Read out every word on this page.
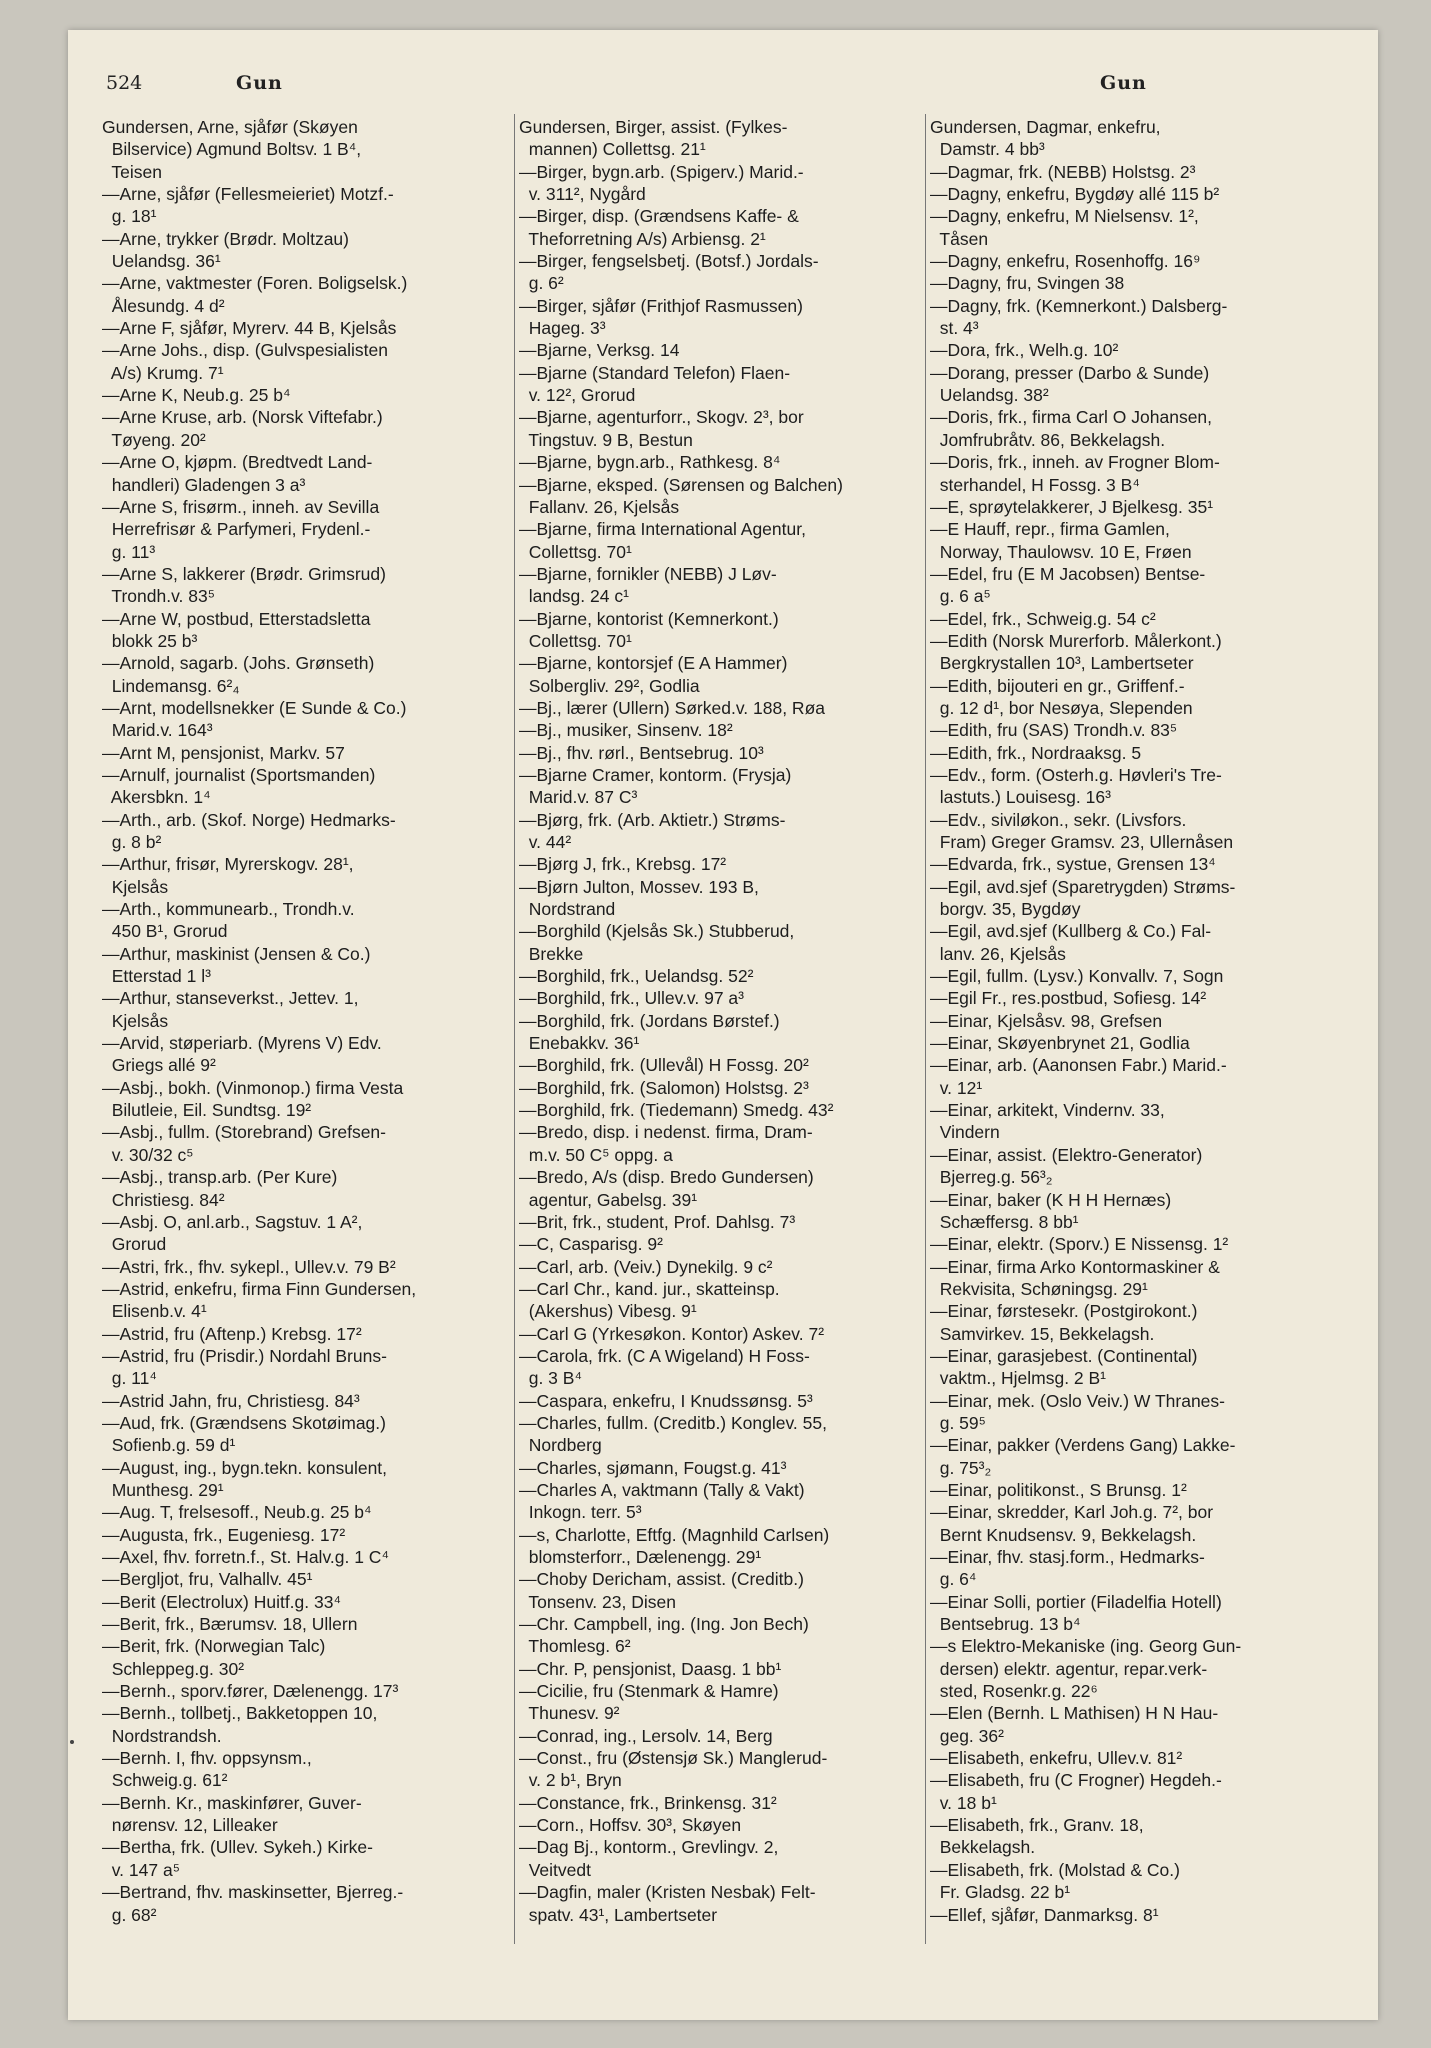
524	Gun	Gun
Gundersen, Arne, sjåfør (Skøyen
Bilservice) Agmund Boltsv. 1 B⁴,
Teisen
—Arne, sjåfør (Fellesmeieriet) Motzf.-
g. 18¹
—Arne, trykker (Brødr. Moltzau)
Uelandsg. 36¹
—Arne, vaktmester (Foren. Boligselsk.)
Ålesundg. 4 d²
—Arne F, sjåfør, Myrerv. 44 B, Kjelsås
—Arne Johs., disp. (Gulvspesialisten
A/s) Krumg. 7¹
—Arne K, Neub.g. 25 b⁴
—Arne Kruse, arb. (Norsk Viftefabr.)
Tøyeng. 20²
—Arne O, kjøpm. (Bredtvedt Land-
handleri) Gladengen 3 a³
—Arne S, frisørm., inneh. av Sevilla
Herrefrisør & Parfymeri, Frydenl.-
g. 11³
—Arne S, lakkerer (Brødr. Grimsrud)
Trondh.v. 83⁵
—Arne W, postbud, Etterstadsletta
blokk 25 b³
—Arnold, sagarb. (Johs. Grønseth)
Lindemansg. 6²₄
—Arnt, modellsnekker (E Sunde & Co.)
Marid.v. 164³
—Arnt M, pensjonist, Markv. 57
—Arnulf, journalist (Sportsmanden)
Akersbkn. 1⁴
—Arth., arb. (Skof. Norge) Hedmarks-
g. 8 b²
—Arthur, frisør, Myrerskogv. 28¹,
Kjelsås
—Arth., kommunearb., Trondh.v.
450 B¹, Grorud
—Arthur, maskinist (Jensen & Co.)
Etterstad 1 l³
—Arthur, stanseverkst., Jettev. 1,
Kjelsås
—Arvid, støperiarb. (Myrens V) Edv.
Griegs allé 9²
—Asbj., bokh. (Vinmonop.) firma Vesta
Bilutleie, Eil. Sundtsg. 19²
—Asbj., fullm. (Storebrand) Grefsen-
v. 30/32 c⁵
—Asbj., transp.arb. (Per Kure)
Christiesg. 84²
—Asbj. O, anl.arb., Sagstuv. 1 A²,
Grorud
—Astri, frk., fhv. sykepl., Ullev.v. 79 B²
—Astrid, enkefru, firma Finn Gundersen,
Elisenb.v. 4¹
—Astrid, fru (Aftenp.) Krebsg. 17²
—Astrid, fru (Prisdir.) Nordahl Bruns-
g. 11⁴
—Astrid Jahn, fru, Christiesg. 84³
—Aud, frk. (Grændsens Skotøimag.)
Sofienb.g. 59 d¹
—August, ing., bygn.tekn. konsulent,
Munthesg. 29¹
—Aug. T, frelsesoff., Neub.g. 25 b⁴
—Augusta, frk., Eugeniesg. 17²
—Axel, fhv. forretn.f., St. Halv.g. 1 C⁴
—Bergljot, fru, Valhallv. 45¹
—Berit (Electrolux) Huitf.g. 33⁴
—Berit, frk., Bærumsv. 18, Ullern
—Berit, frk. (Norwegian Talc)
Schleppeg.g. 30²
—Bernh., sporv.fører, Dælenengg. 17³
—Bernh., tollbetj., Bakketoppen 10,
Nordstrandsh.
—Bernh. I, fhv. oppsynsm.,
Schweig.g. 61²
—Bernh. Kr., maskinfører, Guver-
nørensv. 12, Lilleaker
—Bertha, frk. (Ullev. Sykeh.) Kirke-
v. 147 a⁵
—Bertrand, fhv. maskinsetter, Bjerreg.-
g. 68²
Gundersen, Birger, assist. (Fylkes-
mannen) Collettsg. 21¹
—Birger, bygn.arb. (Spigerv.) Marid.-
v. 311², Nygård
—Birger, disp. (Grændsens Kaffe- &
Theforretning A/s) Arbiensg. 2¹
—Birger, fengselsbetj. (Botsf.) Jordals-
g. 6²
—Birger, sjåfør (Frithjof Rasmussen)
Hageg. 3³
—Bjarne, Verksg. 14
—Bjarne (Standard Telefon) Flaen-
v. 12², Grorud
—Bjarne, agenturforr., Skogv. 2³, bor
Tingstuv. 9 B, Bestun
—Bjarne, bygn.arb., Rathkesg. 8⁴
—Bjarne, eksped. (Sørensen og Balchen)
Fallanv. 26, Kjelsås
—Bjarne, firma International Agentur,
Collettsg. 70¹
—Bjarne, fornikler (NEBB) J Løv-
landsg. 24 c¹
—Bjarne, kontorist (Kemnerkont.)
Collettsg. 70¹
—Bjarne, kontorsjef (E A Hammer)
Solbergliv. 29², Godlia
—Bj., lærer (Ullern) Sørked.v. 188, Røa
—Bj., musiker, Sinsenv. 18²
—Bj., fhv. rørl., Bentsebrug. 10³
—Bjarne Cramer, kontorm. (Frysja)
Marid.v. 87 C³
—Bjørg, frk. (Arb. Aktietr.) Strøms-
v. 44²
—Bjørg J, frk., Krebsg. 17²
—Bjørn Julton, Mossev. 193 B,
Nordstrand
—Borghild (Kjelsås Sk.) Stubberud,
Brekke
—Borghild, frk., Uelandsg. 52²
—Borghild, frk., Ullev.v. 97 a³
—Borghild, frk. (Jordans Børstef.)
Enebakkv. 36¹
—Borghild, frk. (Ullevål) H Fossg. 20²
—Borghild, frk. (Salomon) Holstsg. 2³
—Borghild, frk. (Tiedemann) Smedg. 43²
—Bredo, disp. i nedenst. firma, Dram-
m.v. 50 C⁵ oppg. a
—Bredo, A/s (disp. Bredo Gundersen)
agentur, Gabelsg. 39¹
—Brit, frk., student, Prof. Dahlsg. 7³
—C, Casparisg. 9²
—Carl, arb. (Veiv.) Dynekilg. 9 c²
—Carl Chr., kand. jur., skatteinsp.
(Akershus) Vibesg. 9¹
—Carl G (Yrkesøkon. Kontor) Askev. 7²
—Carola, frk. (C A Wigeland) H Foss-
g. 3 B⁴
—Caspara, enkefru, I Knudssønsg. 5³
—Charles, fullm. (Creditb.) Konglev. 55,
Nordberg
—Charles, sjømann, Fougst.g. 41³
—Charles A, vaktmann (Tally & Vakt)
Inkogn. terr. 5³
—s, Charlotte, Eftfg. (Magnhild Carlsen)
blomsterforr., Dælenengg. 29¹
—Choby Dericham, assist. (Creditb.)
Tonsenv. 23, Disen
—Chr. Campbell, ing. (Ing. Jon Bech)
Thomlesg. 6²
—Chr. P, pensjonist, Daasg. 1 bb¹
—Cicilie, fru (Stenmark & Hamre)
Thunesv. 9²
—Conrad, ing., Lersolv. 14, Berg
—Const., fru (Østensjø Sk.) Manglerud-
v. 2 b¹, Bryn
—Constance, frk., Brinkensg. 31²
—Corn., Hoffsv. 30³, Skøyen
—Dag Bj., kontorm., Grevlingv. 2,
Veitvedt
—Dagfin, maler (Kristen Nesbak) Felt-
spatv. 43¹, Lambertseter
Gundersen, Dagmar, enkefru,
Damstr. 4 bb³
—Dagmar, frk. (NEBB) Holstsg. 2³
—Dagny, enkefru, Bygdøy allé 115 b²
—Dagny, enkefru, M Nielsensv. 1²,
Tåsen
—Dagny, enkefru, Rosenhoffg. 16⁹
—Dagny, fru, Svingen 38
—Dagny, frk. (Kemnerkont.) Dalsberg-
st. 4³
—Dora, frk., Welh.g. 10²
—Dorang, presser (Darbo & Sunde)
Uelandsg. 38²
—Doris, frk., firma Carl O Johansen,
Jomfrubråtv. 86, Bekkelagsh.
—Doris, frk., inneh. av Frogner Blom-
sterhandel, H Fossg. 3 B⁴
—E, sprøytelakkerer, J Bjelkesg. 35¹
—E Hauff, repr., firma Gamlen,
Norway, Thaulowsv. 10 E, Frøen
—Edel, fru (E M Jacobsen) Bentse-
g. 6 a⁵
—Edel, frk., Schweig.g. 54 c²
—Edith (Norsk Murerforb. Målerkont.)
Bergkrystallen 10³, Lambertseter
—Edith, bijouteri en gr., Griffenf.-
g. 12 d¹, bor Nesøya, Slependen
—Edith, fru (SAS) Trondh.v. 83⁵
—Edith, frk., Nordraaksg. 5
—Edv., form. (Osterh.g. Høvleri's Tre-
lastuts.) Louisesg. 16³
—Edv., siviløkon., sekr. (Livsfors.
Fram) Greger Gramsv. 23, Ullernåsen
—Edvarda, frk., systue, Grensen 13⁴
—Egil, avd.sjef (Sparetrygden) Strøms-
borgv. 35, Bygdøy
—Egil, avd.sjef (Kullberg & Co.) Fal-
lanv. 26, Kjelsås
—Egil, fullm. (Lysv.) Konvallv. 7, Sogn
—Egil Fr., res.postbud, Sofiesg. 14²
—Einar, Kjelsåsv. 98, Grefsen
—Einar, Skøyenbrynet 21, Godlia
—Einar, arb. (Aanonsen Fabr.) Marid.-
v. 12¹
—Einar, arkitekt, Vindernv. 33,
Vindern
—Einar, assist. (Elektro-Generator)
Bjerreg.g. 56³₂
—Einar, baker (K H H Hernæs)
Schæffersg. 8 bb¹
—Einar, elektr. (Sporv.) E Nissensg. 1²
—Einar, firma Arko Kontormaskiner &
Rekvisita, Schøningsg. 29¹
—Einar, førstesekr. (Postgirokont.)
Samvirkev. 15, Bekkelagsh.
—Einar, garasjebest. (Continental)
vaktm., Hjelmsg. 2 B¹
—Einar, mek. (Oslo Veiv.) W Thranes-
g. 59⁵
—Einar, pakker (Verdens Gang) Lakke-
g. 75³₂
—Einar, politikonst., S Brunsg. 1²
—Einar, skredder, Karl Joh.g. 7², bor
Bernt Knudsensv. 9, Bekkelagsh.
—Einar, fhv. stasj.form., Hedmarks-
g. 6⁴
—Einar Solli, portier (Filadelfia Hotell)
Bentsebrug. 13 b⁴
—s Elektro-Mekaniske (ing. Georg Gun-
dersen) elektr. agentur, repar.verk-
sted, Rosenkr.g. 22⁶
—Elen (Bernh. L Mathisen) H N Hau-
geg. 36²
—Elisabeth, enkefru, Ullev.v. 81²
—Elisabeth, fru (C Frogner) Hegdeh.-
v. 18 b¹
—Elisabeth, frk., Granv. 18,
Bekkelagsh.
—Elisabeth, frk. (Molstad & Co.)
Fr. Gladsg. 22 b¹
—Ellef, sjåfør, Danmarksg. 8¹
